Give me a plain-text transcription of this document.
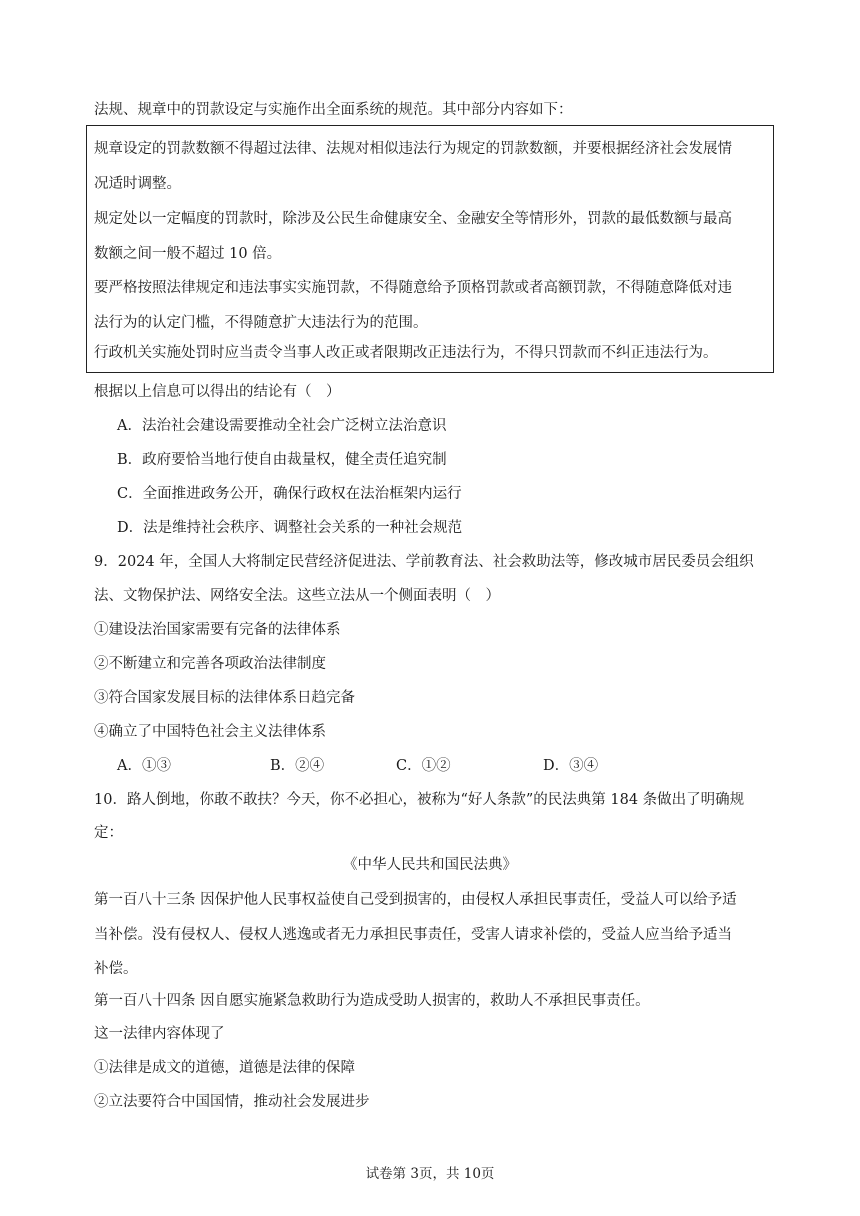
法规、规章中的罚款设定与实施作出全面系统的规范。其中部分内容如下：
规章设定的罚款数额不得超过法律、法规对相似违法行为规定的罚款数额，并要根据经济社会发展情
况适时调整。
规定处以一定幅度的罚款时，除涉及公民生命健康安全、金融安全等情形外，罚款的最低数额与最高
数额之间一般不超过 10 倍。
要严格按照法律规定和违法事实实施罚款，不得随意给予顶格罚款或者高额罚款，不得随意降低对违
法行为的认定门槛，不得随意扩大违法行为的范围。
行政机关实施处罚时应当责令当事人改正或者限期改正违法行为，不得只罚款而不纠正违法行为。
根据以上信息可以得出的结论有（　）
A．法治社会建设需要推动全社会广泛树立法治意识
B．政府要恰当地行使自由裁量权，健全责任追究制
C．全面推进政务公开，确保行政权在法治框架内运行
D．法是维持社会秩序、调整社会关系的一种社会规范
9．2024 年，全国人大将制定民营经济促进法、学前教育法、社会救助法等，修改城市居民委员会组织
法、文物保护法、网络安全法。这些立法从一个侧面表明（　）
①建设法治国家需要有完备的法律体系
②不断建立和完善各项政治法律制度
③符合国家发展目标的法律体系日趋完备
④确立了中国特色社会主义法律体系
A．①③	B．②④	C．①②	D．③④
10．路人倒地，你敢不敢扶？今天，你不必担心，被称为“好人条款”的民法典第 184 条做出了明确规
定：
《中华人民共和国民法典》
第一百八十三条 因保护他人民事权益使自己受到损害的，由侵权人承担民事责任，受益人可以给予适
当补偿。没有侵权人、侵权人逃逸或者无力承担民事责任，受害人请求补偿的，受益人应当给予适当
补偿。
第一百八十四条 因自愿实施紧急救助行为造成受助人损害的，救助人不承担民事责任。
这一法律内容体现了
①法律是成文的道德，道德是法律的保障
②立法要符合中国国情，推动社会发展进步
试卷第 3页，共 10页
